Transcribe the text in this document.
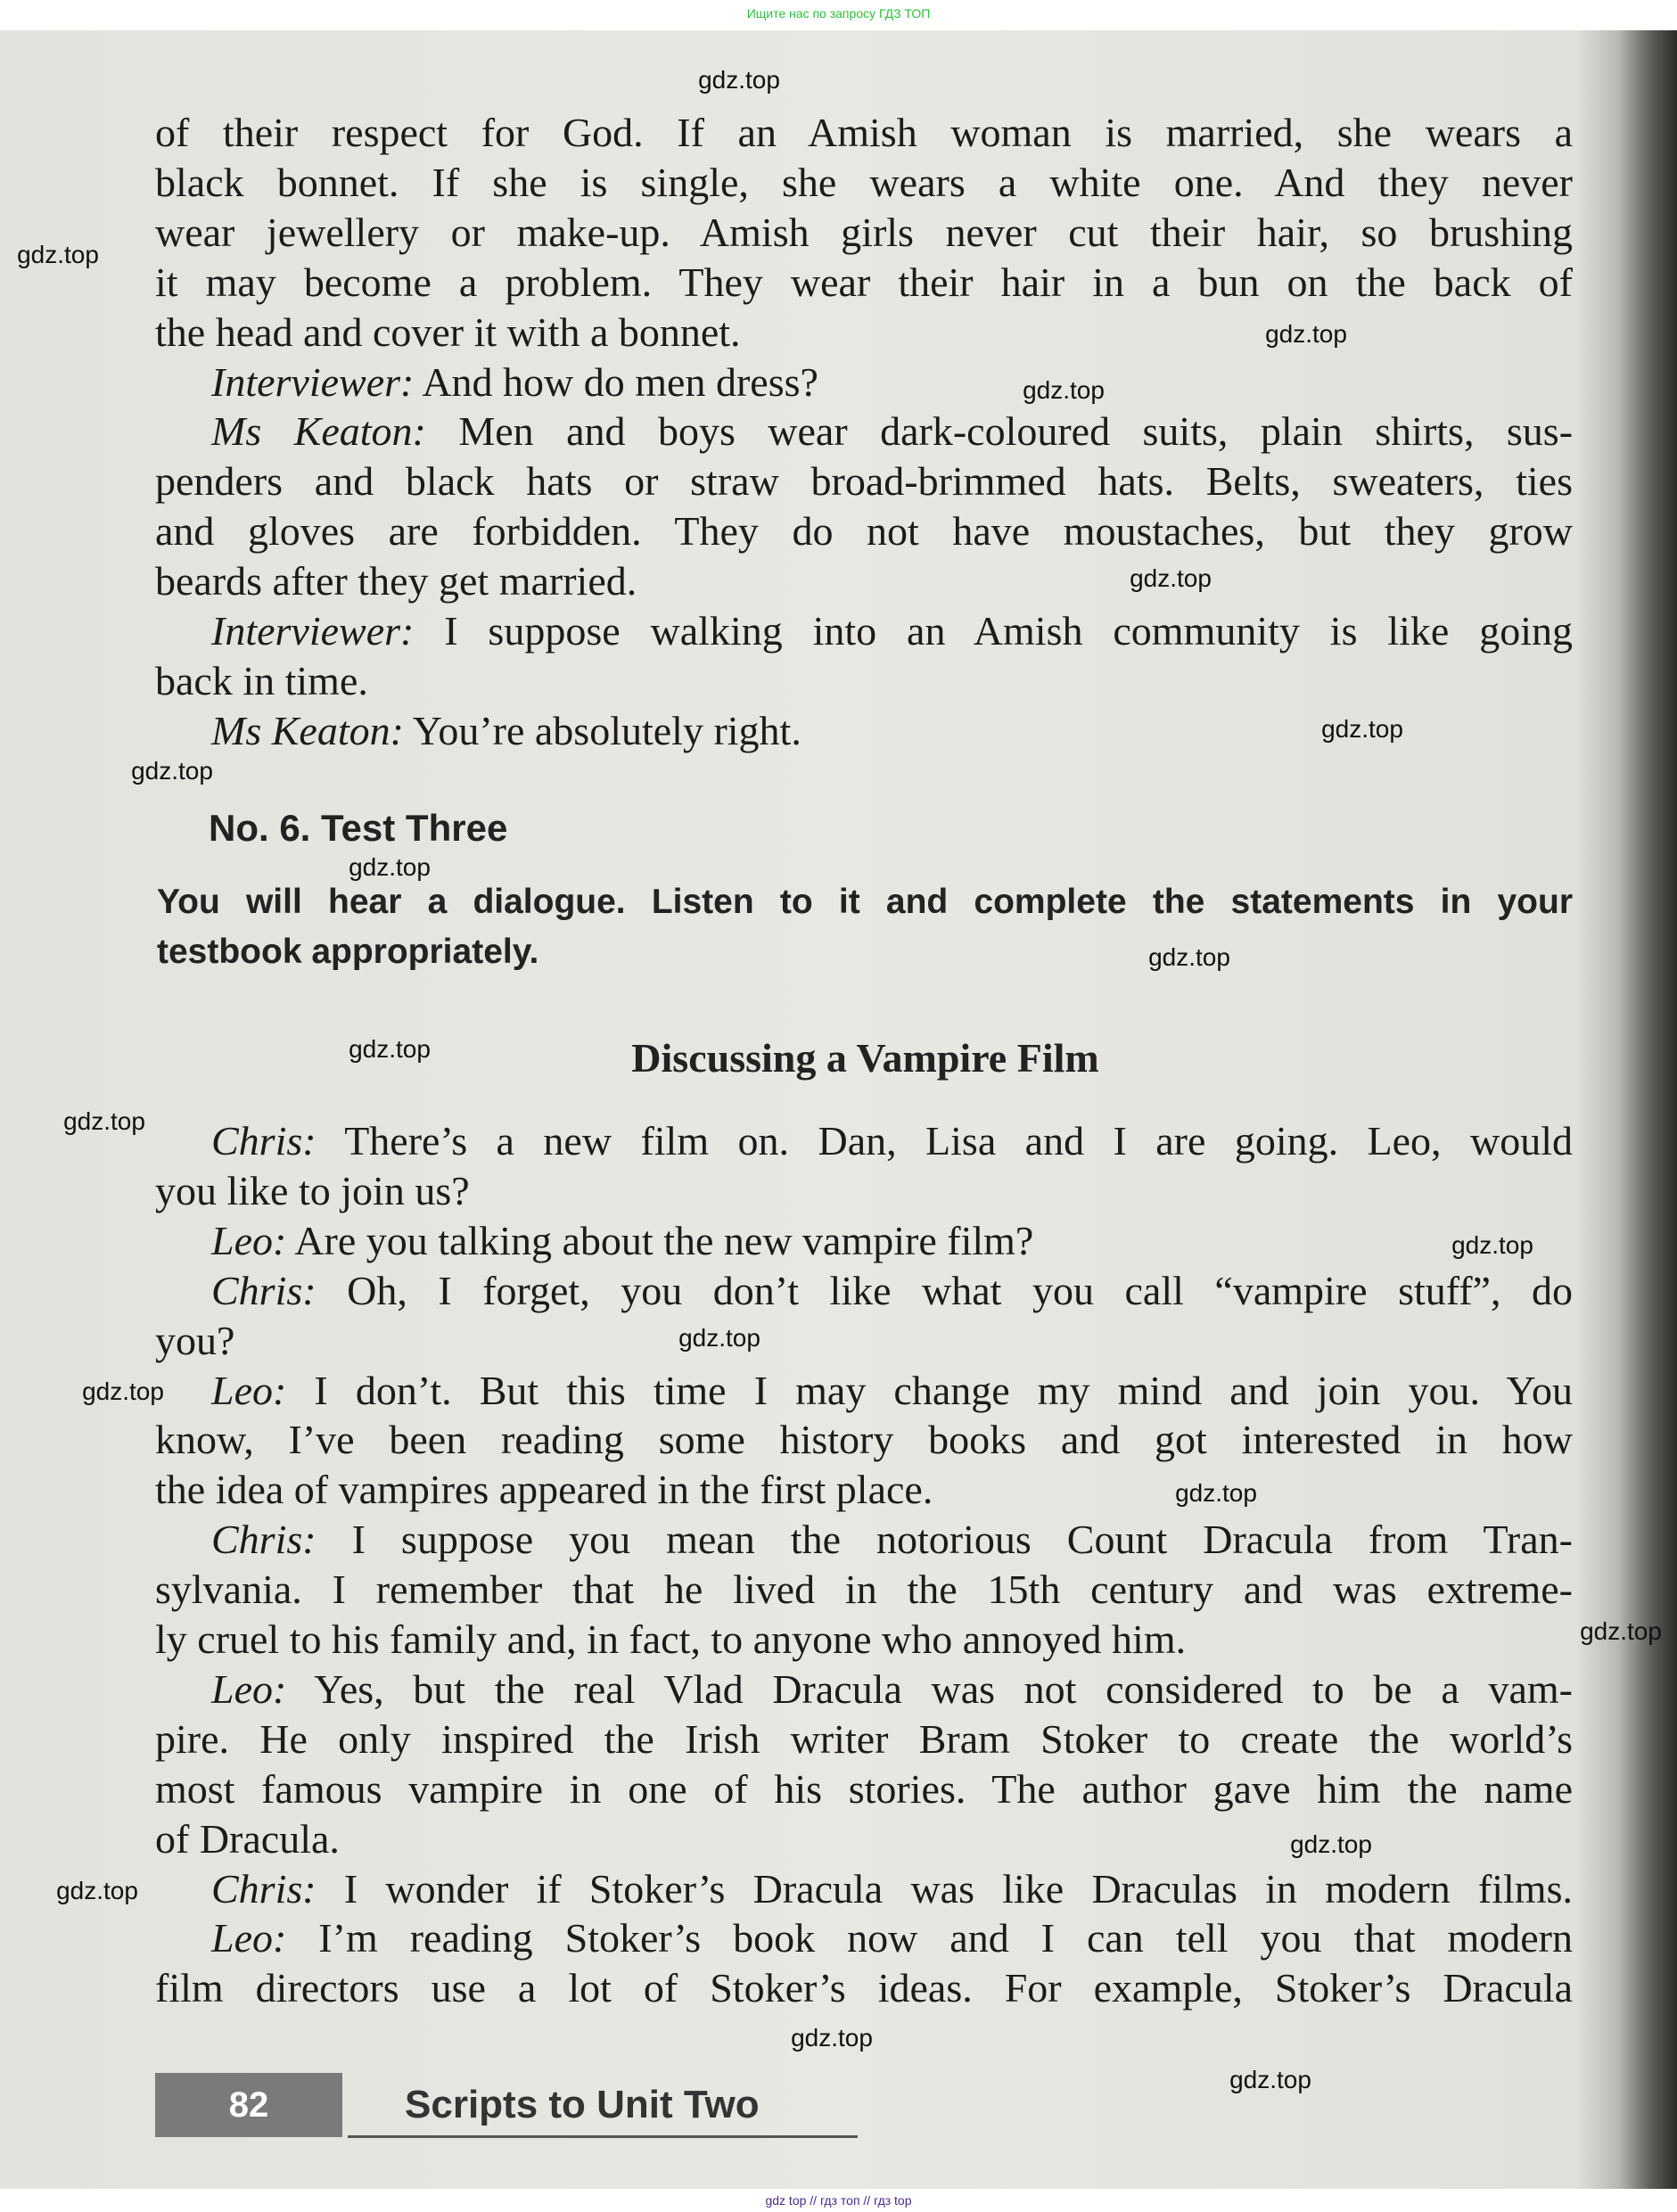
Ищите нас по запросу ГДЗ ТОП
of their respect for God. If an Amish woman is married, she wears a
black bonnet. If she is single, she wears a white one. And they never
wear jewellery or make-up. Amish girls never cut their hair, so brushing
it may become a problem. They wear their hair in a bun on the back of
the head and cover it with a bonnet.
Interviewer: And how do men dress?
Ms Keaton: Men and boys wear dark-coloured suits, plain shirts, sus-
penders and black hats or straw broad-brimmed hats. Belts, sweaters, ties
and gloves are forbidden. They do not have moustaches, but they grow
beards after they get married.
Interviewer: I suppose walking into an Amish community is like going
back in time.
Ms Keaton: You’re absolutely right.
No. 6. Test Three
You will hear a dialogue. Listen to it and complete the statements in your
testbook appropriately.
Discussing a Vampire Film
Chris: There’s a new film on. Dan, Lisa and I are going. Leo, would
you like to join us?
Leo: Are you talking about the new vampire film?
Chris: Oh, I forget, you don’t like what you call “vampire stuff”, do
you?
Leo: I don’t. But this time I may change my mind and join you. You
know, I’ve been reading some history books and got interested in how
the idea of vampires appeared in the first place.
Chris: I suppose you mean the notorious Count Dracula from Tran-
sylvania. I remember that he lived in the 15th century and was extreme-
ly cruel to his family and, in fact, to anyone who annoyed him.
Leo: Yes, but the real Vlad Dracula was not considered to be a vam-
pire. He only inspired the Irish writer Bram Stoker to create the world’s
most famous vampire in one of his stories. The author gave him the name
of Dracula.
Chris: I wonder if Stoker’s Dracula was like Draculas in modern films.
Leo: I’m reading Stoker’s book now and I can tell you that modern
film directors use a lot of Stoker’s ideas. For example, Stoker’s Dracula
82	Scripts to Unit Two
gdz.top
gdz.top
gdz.top
gdz.top
gdz.top
gdz.top
gdz.top
gdz.top
gdz.top
gdz.top
gdz.top
gdz.top
gdz.top
gdz.top
gdz.top
gdz.top
gdz.top
gdz.top
gdz.top
gdz.top
gdz top // гдз топ // гдз top
